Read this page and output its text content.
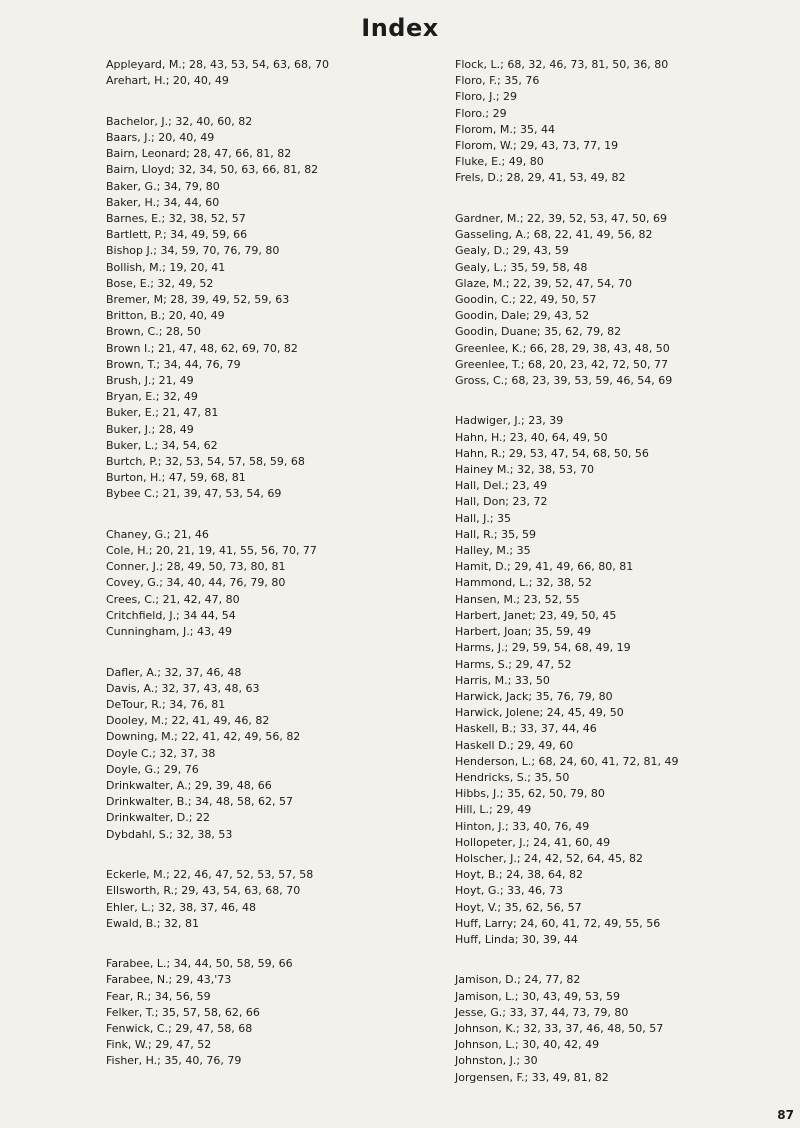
Index
Appleyard, M.; 28, 43, 53, 54, 63, 68, 70
Arehart, H.; 20, 40, 49
Bachelor, J.; 32, 40, 60, 82
Baars, J.; 20, 40, 49
Bairn, Leonard; 28, 47, 66, 81, 82
Bairn, Lloyd; 32, 34, 50, 63, 66, 81, 82
Baker, G.; 34, 79, 80
Baker, H.; 34, 44, 60
Barnes, E.; 32, 38, 52, 57
Bartlett, P.; 34, 49, 59, 66
Bishop J.; 34, 59, 70, 76, 79, 80
Bollish, M.; 19, 20, 41
Bose, E.; 32, 49, 52
Bremer, M; 28, 39, 49, 52, 59, 63
Britton, B.; 20, 40, 49
Brown, C.; 28, 50
Brown I.; 21, 47, 48, 62, 69, 70, 82
Brown, T.; 34, 44, 76, 79
Brush, J.; 21, 49
Bryan, E.; 32, 49
Buker, E.; 21, 47, 81
Buker, J.; 28, 49
Buker, L.; 34, 54, 62
Burtch, P.; 32, 53, 54, 57, 58, 59, 68
Burton, H.; 47, 59, 68, 81
Bybee C.; 21, 39, 47, 53, 54, 69
Chaney, G.; 21, 46
Cole, H.; 20, 21, 19, 41, 55, 56, 70, 77
Conner, J.; 28, 49, 50, 73, 80, 81
Covey, G.; 34, 40, 44, 76, 79, 80
Crees, C.; 21, 42, 47, 80
Critchfield, J.; 34 44, 54
Cunningham, J.; 43, 49
Dafler, A.; 32, 37, 46, 48
Davis, A.; 32, 37, 43, 48, 63
DeTour, R.; 34, 76, 81
Dooley, M.; 22, 41, 49, 46, 82
Downing, M.; 22, 41, 42, 49, 56, 82
Doyle C.; 32, 37, 38
Doyle, G.; 29, 76
Drinkwalter, A.; 29, 39, 48, 66
Drinkwalter, B.; 34, 48, 58, 62, 57
Drinkwalter, D.; 22
Dybdahl, S.; 32, 38, 53
Eckerle, M.; 22, 46, 47, 52, 53, 57, 58
Ellsworth, R.; 29, 43, 54, 63, 68, 70
Ehler, L.; 32, 38, 37, 46, 48
Ewald, B.; 32, 81
Farabee, L.; 34, 44, 50, 58, 59, 66
Farabee, N.; 29, 43,'73
Fear, R.; 34, 56, 59
Felker, T.; 35, 57, 58, 62, 66
Fenwick, C.; 29, 47, 58, 68
Fink, W.; 29, 47, 52
Fisher, H.; 35, 40, 76, 79
Flock, L.; 68, 32, 46, 73, 81, 50, 36, 80
Floro, F.; 35, 76
Floro, J.; 29
Floro.; 29
Florom, M.; 35, 44
Florom, W.; 29, 43, 73, 77, 19
Fluke, E.; 49, 80
Frels, D.; 28, 29, 41, 53, 49, 82
Gardner, M.; 22, 39, 52, 53, 47, 50, 69
Gasseling, A.; 68, 22, 41, 49, 56, 82
Gealy, D.; 29, 43, 59
Gealy, L.; 35, 59, 58, 48
Glaze, M.; 22, 39, 52, 47, 54, 70
Goodin, C.; 22, 49, 50, 57
Goodin, Dale; 29, 43, 52
Goodin, Duane; 35, 62, 79, 82
Greenlee, K.; 66, 28, 29, 38, 43, 48, 50
Greenlee, T.; 68, 20, 23, 42, 72, 50, 77
Gross, C.; 68, 23, 39, 53, 59, 46, 54, 69
Hadwiger, J.; 23, 39
Hahn, H.; 23, 40, 64, 49, 50
Hahn, R.; 29, 53, 47, 54, 68, 50, 56
Hainey M.; 32, 38, 53, 70
Hall, Del.; 23, 49
Hall, Don; 23, 72
Hall, J.; 35
Hall, R.; 35, 59
Halley, M.; 35
Hamit, D.; 29, 41, 49, 66, 80, 81
Hammond, L.; 32, 38, 52
Hansen, M.; 23, 52, 55
Harbert, Janet; 23, 49, 50, 45
Harbert, Joan; 35, 59, 49
Harms, J.; 29, 59, 54, 68, 49, 19
Harms, S.; 29, 47, 52
Harris, M.; 33, 50
Harwick, Jack; 35, 76, 79, 80
Harwick, Jolene; 24, 45, 49, 50
Haskell, B.; 33, 37, 44, 46
Haskell D.; 29, 49, 60
Henderson, L.; 68, 24, 60, 41, 72, 81, 49
Hendricks, S.; 35, 50
Hibbs, J.; 35, 62, 50, 79, 80
Hill, L.; 29, 49
Hinton, J.; 33, 40, 76, 49
Hollopeter, J.; 24, 41, 60, 49
Holscher, J.; 24, 42, 52, 64, 45, 82
Hoyt, B.; 24, 38, 64, 82
Hoyt, G.; 33, 46, 73
Hoyt, V.; 35, 62, 56, 57
Huff, Larry; 24, 60, 41, 72, 49, 55, 56
Huff, Linda; 30, 39, 44
Jamison, D.; 24, 77, 82
Jamison, L.; 30, 43, 49, 53, 59
Jesse, G.; 33, 37, 44, 73, 79, 80
Johnson, K.; 32, 33, 37, 46, 48, 50, 57
Johnson, L.; 30, 40, 42, 49
Johnston, J.; 30
Jorgensen, F.; 33, 49, 81, 82
87
